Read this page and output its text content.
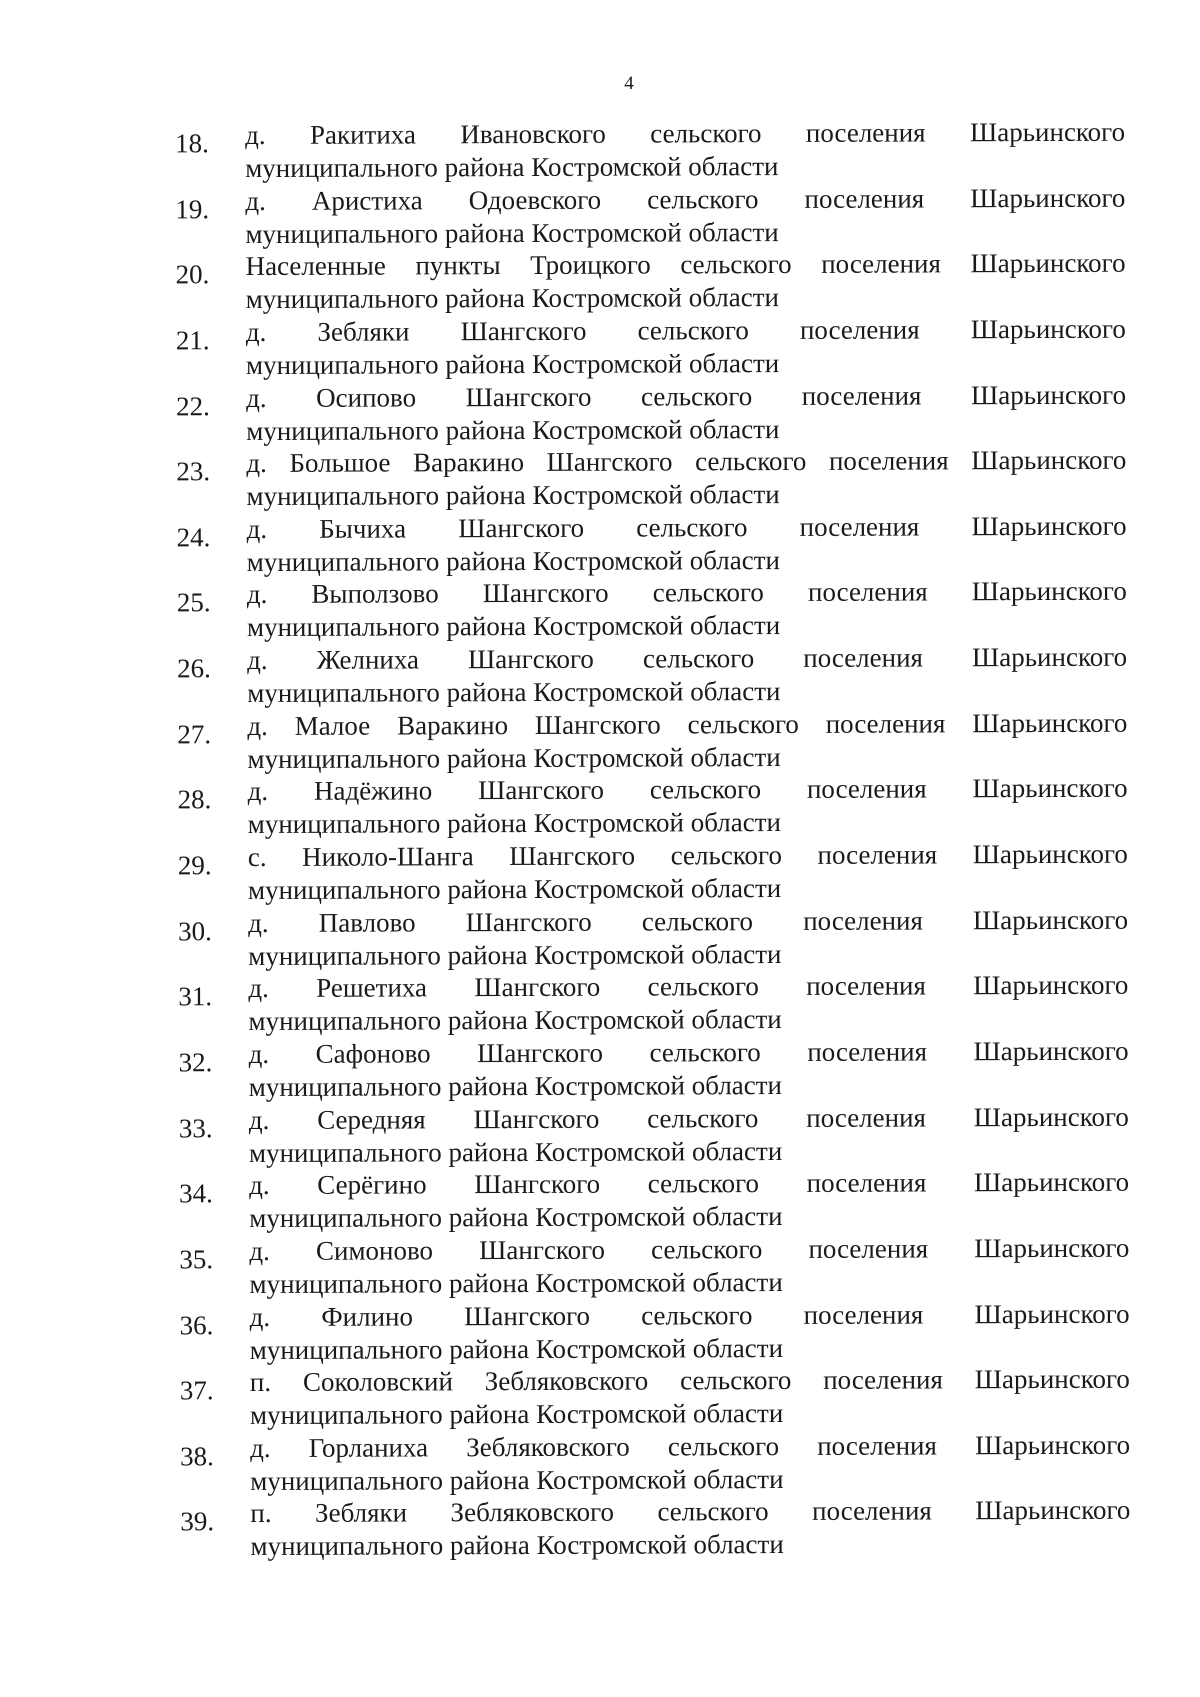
4
18.	д. Ракитиха Ивановского сельского поселения Шарьинского
муниципального района Костромской области
19.	д. Аристиха Одоевского сельского поселения Шарьинского
муниципального района Костромской области
20.	Населенные пункты Троицкого сельского поселения Шарьинского
муниципального района Костромской области
21.	д. Зебляки Шангского сельского поселения Шарьинского
муниципального района Костромской области
22.	д. Осипово Шангского сельского поселения Шарьинского
муниципального района Костромской области
23.	д. Большое Варакино Шангского сельского поселения Шарьинского
муниципального района Костромской области
24.	д. Бычиха Шангского сельского поселения Шарьинского
муниципального района Костромской области
25.	д. Выползово Шангского сельского поселения Шарьинского
муниципального района Костромской области
26.	д. Желниха Шангского сельского поселения Шарьинского
муниципального района Костромской области
27.	д. Малое Варакино Шангского сельского поселения Шарьинского
муниципального района Костромской области
28.	д. Надёжино Шангского сельского поселения Шарьинского
муниципального района Костромской области
29.	с. Николо-Шанга Шангского сельского поселения Шарьинского
муниципального района Костромской области
30.	д. Павлово Шангского сельского поселения Шарьинского
муниципального района Костромской области
31.	д. Решетиха Шангского сельского поселения Шарьинского
муниципального района Костромской области
32.	д. Сафоново Шангского сельского поселения Шарьинского
муниципального района Костромской области
33.	д. Середняя Шангского сельского поселения Шарьинского
муниципального района Костромской области
34.	д. Серёгино Шангского сельского поселения Шарьинского
муниципального района Костромской области
35.	д. Симоново Шангского сельского поселения Шарьинского
муниципального района Костромской области
36.	д. Филино Шангского сельского поселения Шарьинского
муниципального района Костромской области
37.	п. Соколовский Зебляковского сельского поселения Шарьинского
муниципального района Костромской области
38.	д. Горланиха Зебляковского сельского поселения Шарьинского
муниципального района Костромской области
39.	п. Зебляки Зебляковского сельского поселения Шарьинского
муниципального района Костромской области
